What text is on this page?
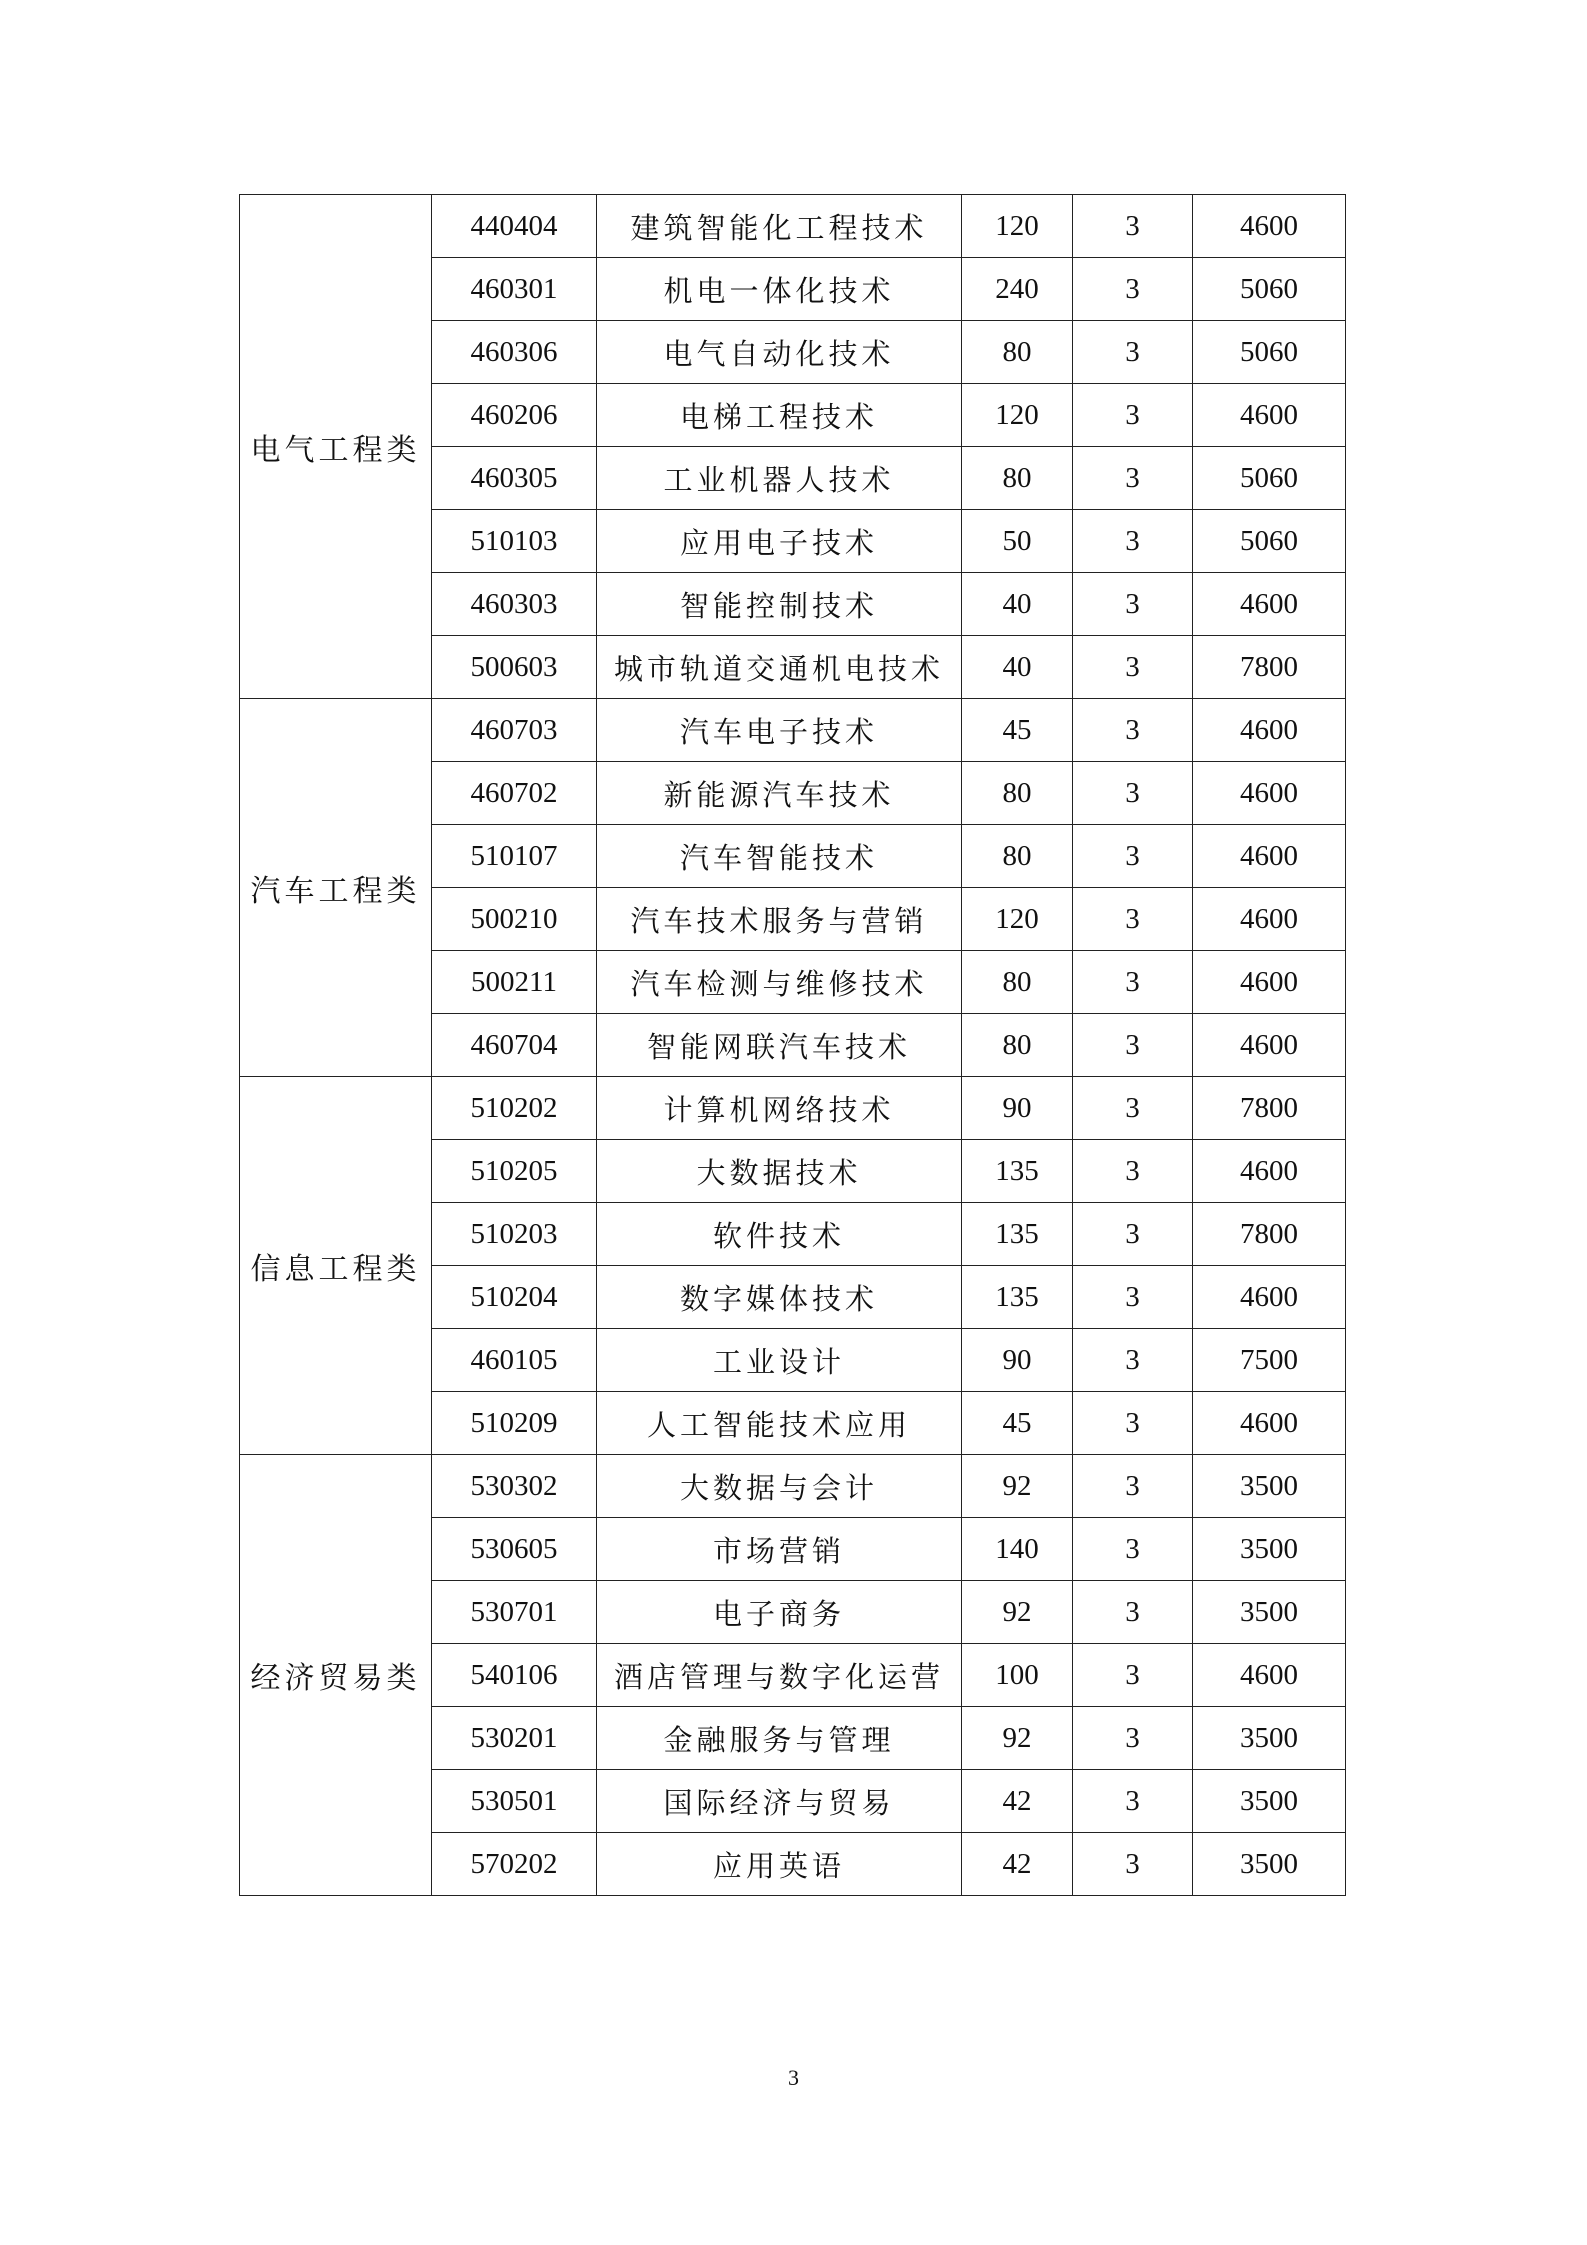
电气工程类	440404	建筑智能化工程技术	120	3	4600
	460301	机电一体化技术	240	3	5060
	460306	电气自动化技术	80	3	5060
	460206	电梯工程技术	120	3	4600
	460305	工业机器人技术	80	3	5060
	510103	应用电子技术	50	3	5060
	460303	智能控制技术	40	3	4600
	500603	城市轨道交通机电技术	40	3	7800
汽车工程类	460703	汽车电子技术	45	3	4600
	460702	新能源汽车技术	80	3	4600
	510107	汽车智能技术	80	3	4600
	500210	汽车技术服务与营销	120	3	4600
	500211	汽车检测与维修技术	80	3	4600
	460704	智能网联汽车技术	80	3	4600
信息工程类	510202	计算机网络技术	90	3	7800
	510205	大数据技术	135	3	4600
	510203	软件技术	135	3	7800
	510204	数字媒体技术	135	3	4600
	460105	工业设计	90	3	7500
	510209	人工智能技术应用	45	3	4600
经济贸易类	530302	大数据与会计	92	3	3500
	530605	市场营销	140	3	3500
	530701	电子商务	92	3	3500
	540106	酒店管理与数字化运营	100	3	4600
	530201	金融服务与管理	92	3	3500
	530501	国际经济与贸易	42	3	3500
	570202	应用英语	42	3	3500
3
